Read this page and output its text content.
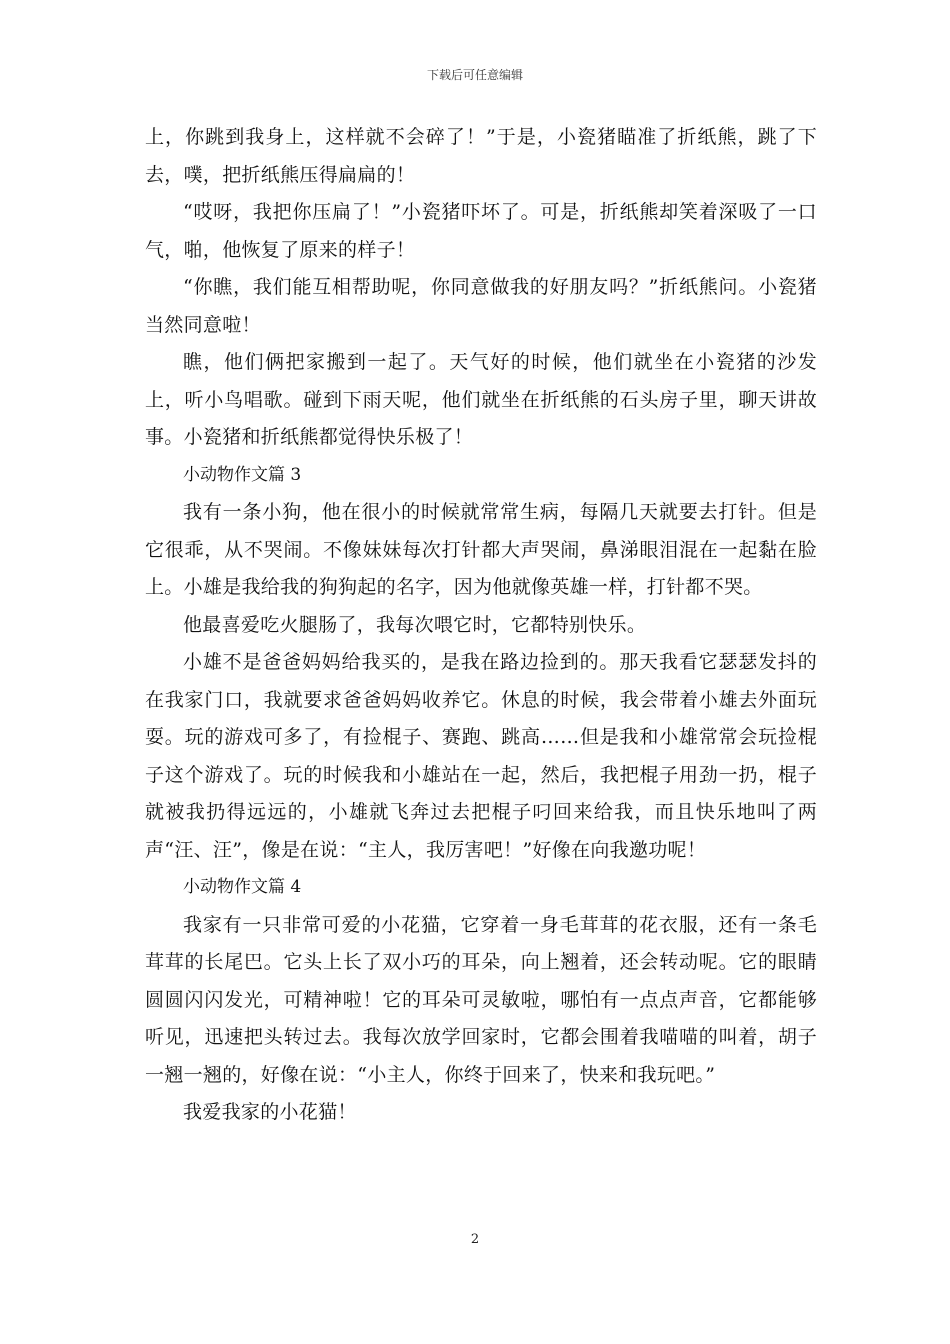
下载后可任意编辑

上，你跳到我身上，这样就不会碎了！”于是，小瓷猪瞄准了折纸熊，跳了下去，噗，把折纸熊压得扁扁的！

“哎呀，我把你压扁了！”小瓷猪吓坏了。可是，折纸熊却笑着深吸了一口气，啪，他恢复了原来的样子！

“你瞧，我们能互相帮助呢，你同意做我的好朋友吗？”折纸熊问。小瓷猪当然同意啦！

瞧，他们俩把家搬到一起了。天气好的时候，他们就坐在小瓷猪的沙发上，听小鸟唱歌。碰到下雨天呢，他们就坐在折纸熊的石头房子里，聊天讲故事。小瓷猪和折纸熊都觉得快乐极了！

小动物作文篇 3

我有一条小狗，他在很小的时候就常常生病，每隔几天就要去打针。但是它很乖，从不哭闹。不像妹妹每次打针都大声哭闹，鼻涕眼泪混在一起黏在脸上。小雄是我给我的狗狗起的名字，因为他就像英雄一样，打针都不哭。

他最喜爱吃火腿肠了，我每次喂它时，它都特别快乐。

小雄不是爸爸妈妈给我买的，是我在路边捡到的。那天我看它瑟瑟发抖的在我家门口，我就要求爸爸妈妈收养它。休息的时候，我会带着小雄去外面玩耍。玩的游戏可多了，有捡棍子、赛跑、跳高……但是我和小雄常常会玩捡棍子这个游戏了。玩的时候我和小雄站在一起，然后，我把棍子用劲一扔，棍子就被我扔得远远的，小雄就飞奔过去把棍子叼回来给我，而且快乐地叫了两声“汪、汪”，像是在说：“主人，我厉害吧！”好像在向我邀功呢！

小动物作文篇 4

我家有一只非常可爱的小花猫，它穿着一身毛茸茸的花衣服，还有一条毛茸茸的长尾巴。它头上长了双小巧的耳朵，向上翘着，还会转动呢。它的眼睛圆圆闪闪发光，可精神啦！它的耳朵可灵敏啦，哪怕有一点点声音，它都能够听见，迅速把头转过去。我每次放学回家时，它都会围着我喵喵的叫着，胡子一翘一翘的，好像在说：“小主人，你终于回来了，快来和我玩吧。”

我爱我家的小花猫！

2
